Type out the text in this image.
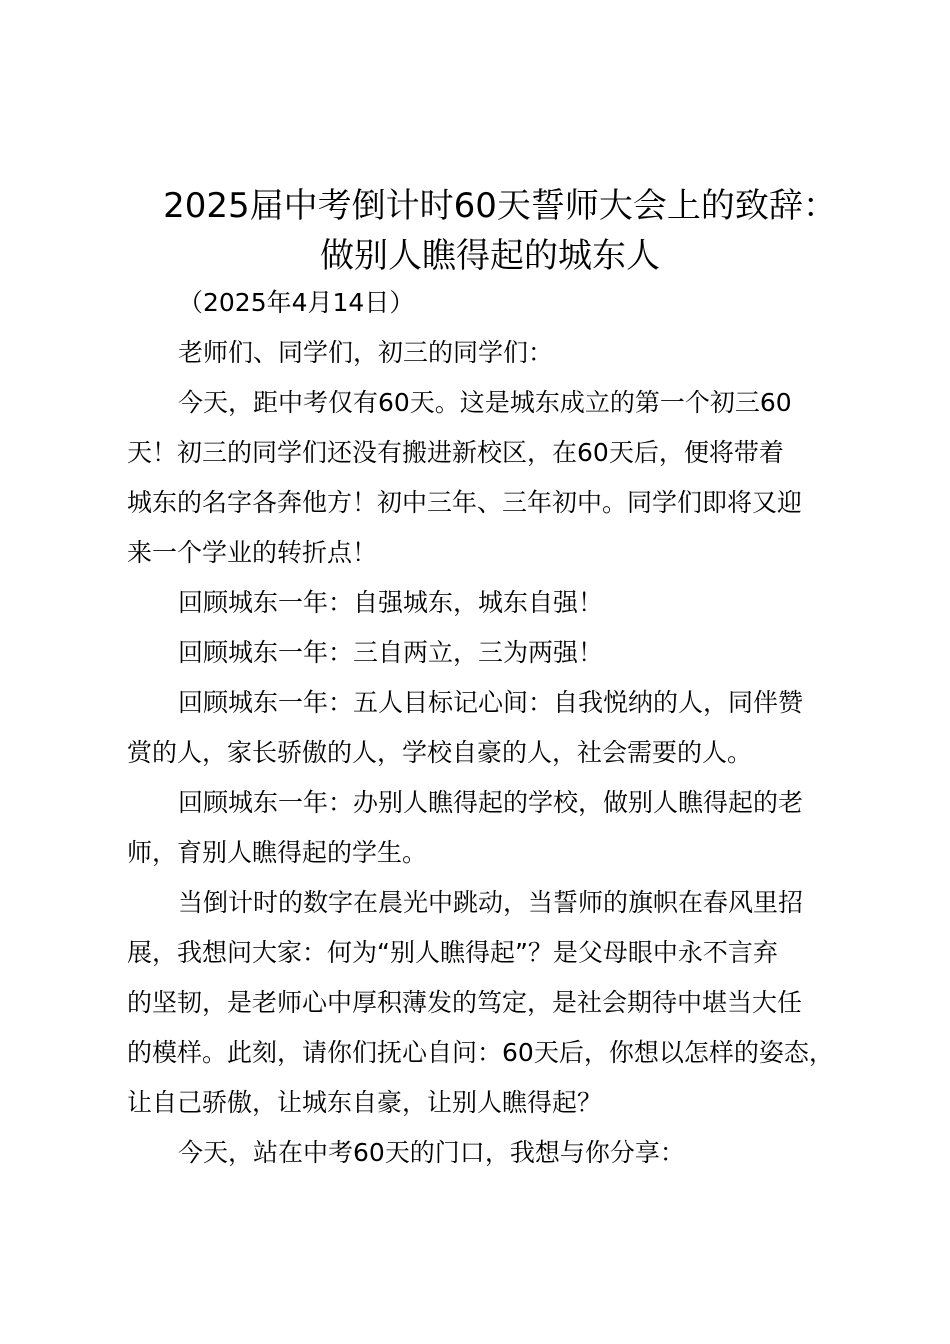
2025届中考倒计时60天誓师大会上的致辞：
做别人瞧得起的城东人

（2025年4月14日）

老师们、同学们，初三的同学们：

今天，距中考仅有60天。这是城东成立的第一个初三60
天！初三的同学们还没有搬进新校区，在60天后，便将带着
城东的名字各奔他方！初中三年、三年初中。同学们即将又迎
来一个学业的转折点！

回顾城东一年：自强城东，城东自强！

回顾城东一年：三自两立，三为两强！

回顾城东一年：五人目标记心间：自我悦纳的人，同伴赞
赏的人，家长骄傲的人，学校自豪的人，社会需要的人。

回顾城东一年：办别人瞧得起的学校，做别人瞧得起的老
师，育别人瞧得起的学生。

当倒计时的数字在晨光中跳动，当誓师的旗帜在春风里招
展，我想问大家：何为“别人瞧得起”？是父母眼中永不言弃
的坚韧，是老师心中厚积薄发的笃定，是社会期待中堪当大任
的模样。此刻，请你们抚心自问：60天后，你想以怎样的姿态，
让自己骄傲，让城东自豪，让别人瞧得起？

今天，站在中考60天的门口，我想与你分享：
